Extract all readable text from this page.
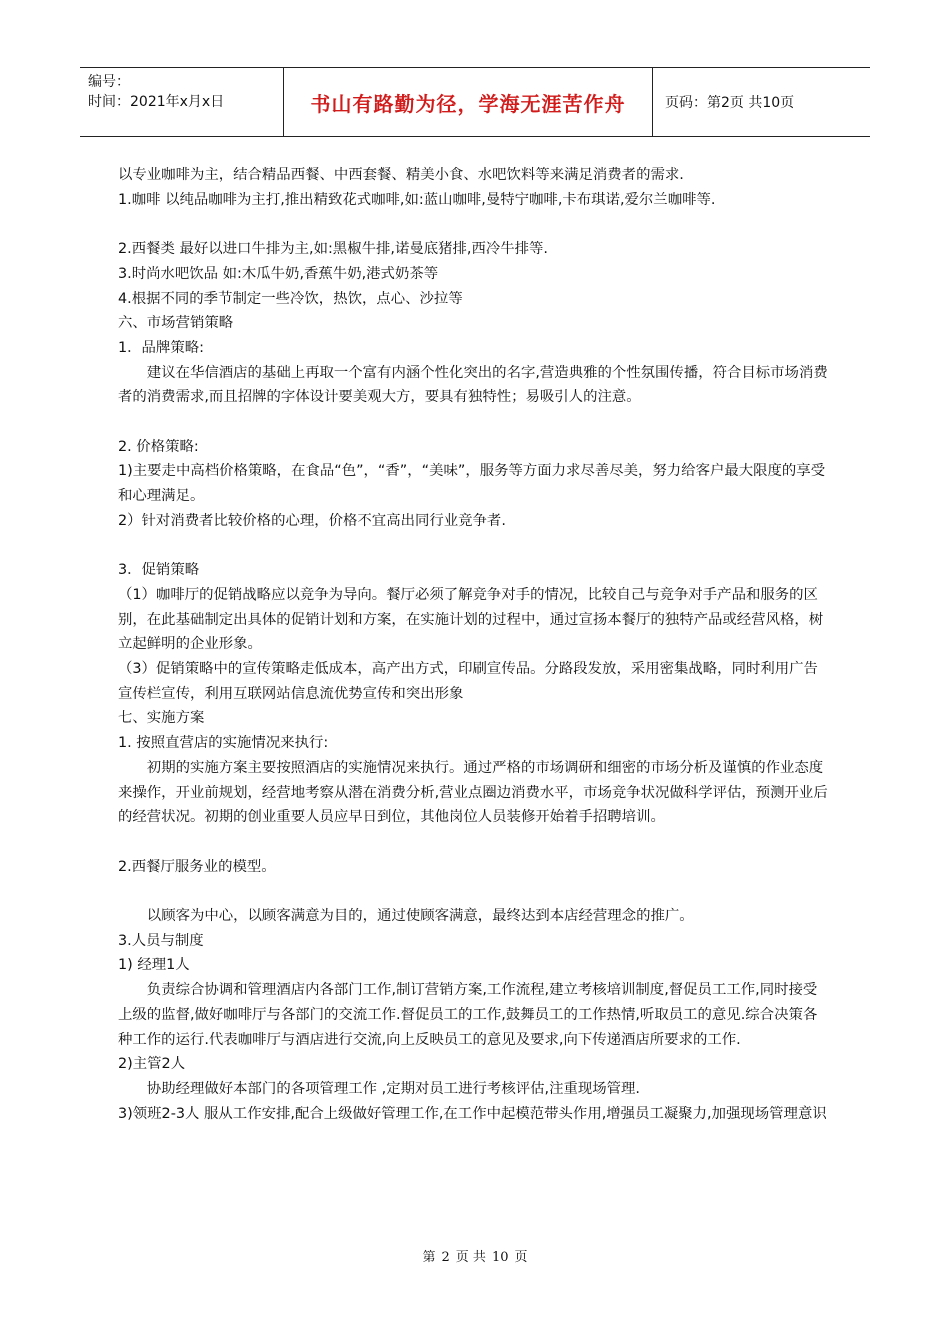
编号：
时间：2021年x月x日	书山有路勤为径，学海无涯苦作舟	页码：第2页 共10页

以专业咖啡为主，结合精品西餐、中西套餐、精美小食、水吧饮料等来满足消费者的需求.

1.咖啡 以纯品咖啡为主打,推出精致花式咖啡,如:蓝山咖啡,曼特宁咖啡,卡布琪诺,爱尔兰咖啡等.

2.西餐类 最好以进口牛排为主,如:黑椒牛排,诺曼底猪排,西冷牛排等.

3.时尚水吧饮品 如:木瓜牛奶,香蕉牛奶,港式奶茶等

4.根据不同的季节制定一些冷饮，热饮，点心、沙拉等

六、市场营销策略

1．品牌策略:

建议在华信酒店的基础上再取一个富有内涵个性化突出的名字,营造典雅的个性氛围传播，符合目标市场消费者的消费需求,而且招牌的字体设计要美观大方，要具有独特性；易吸引人的注意。

2. 价格策略:

1)主要走中高档价格策略，在食品“色”，“香”，“美味”，服务等方面力求尽善尽美，努力给客户最大限度的享受和心理满足。

2）针对消费者比较价格的心理，价格不宜高出同行业竞争者.

3．促销策略

（1）咖啡厅的促销战略应以竞争为导向。餐厅必须了解竞争对手的情况，比较自己与竞争对手产品和服务的区别，在此基础制定出具体的促销计划和方案，在实施计划的过程中，通过宣扬本餐厅的独特产品或经营风格，树立起鲜明的企业形象。

（3）促销策略中的宣传策略走低成本，高产出方式，印刷宣传品。分路段发放，采用密集战略，同时利用广告宣传栏宣传，利用互联网站信息流优势宣传和突出形象

七、实施方案

1. 按照直营店的实施情况来执行:

初期的实施方案主要按照酒店的实施情况来执行。通过严格的市场调研和细密的市场分析及谨慎的作业态度来操作，开业前规划，经营地考察从潜在消费分析,营业点圈边消费水平，市场竞争状况做科学评估，预测开业后的经营状况。初期的创业重要人员应早日到位，其他岗位人员装修开始着手招聘培训。

2.西餐厅服务业的模型。

以顾客为中心，以顾客满意为目的，通过使顾客满意，最终达到本店经营理念的推广。

3.人员与制度

1) 经理1人

负责综合协调和管理酒店内各部门工作,制订营销方案,工作流程,建立考核培训制度,督促员工工作,同时接受上级的监督,做好咖啡厅与各部门的交流工作.督促员工的工作,鼓舞员工的工作热情,听取员工的意见.综合决策各种工作的运行.代表咖啡厅与酒店进行交流,向上反映员工的意见及要求,向下传递酒店所要求的工作.

2)主管2人

协助经理做好本部门的各项管理工作 ,定期对员工进行考核评估,注重现场管理.

3)领班2-3人 服从工作安排,配合上级做好管理工作,在工作中起模范带头作用,增强员工凝聚力,加强现场管理意识

第 2 页 共 10 页
